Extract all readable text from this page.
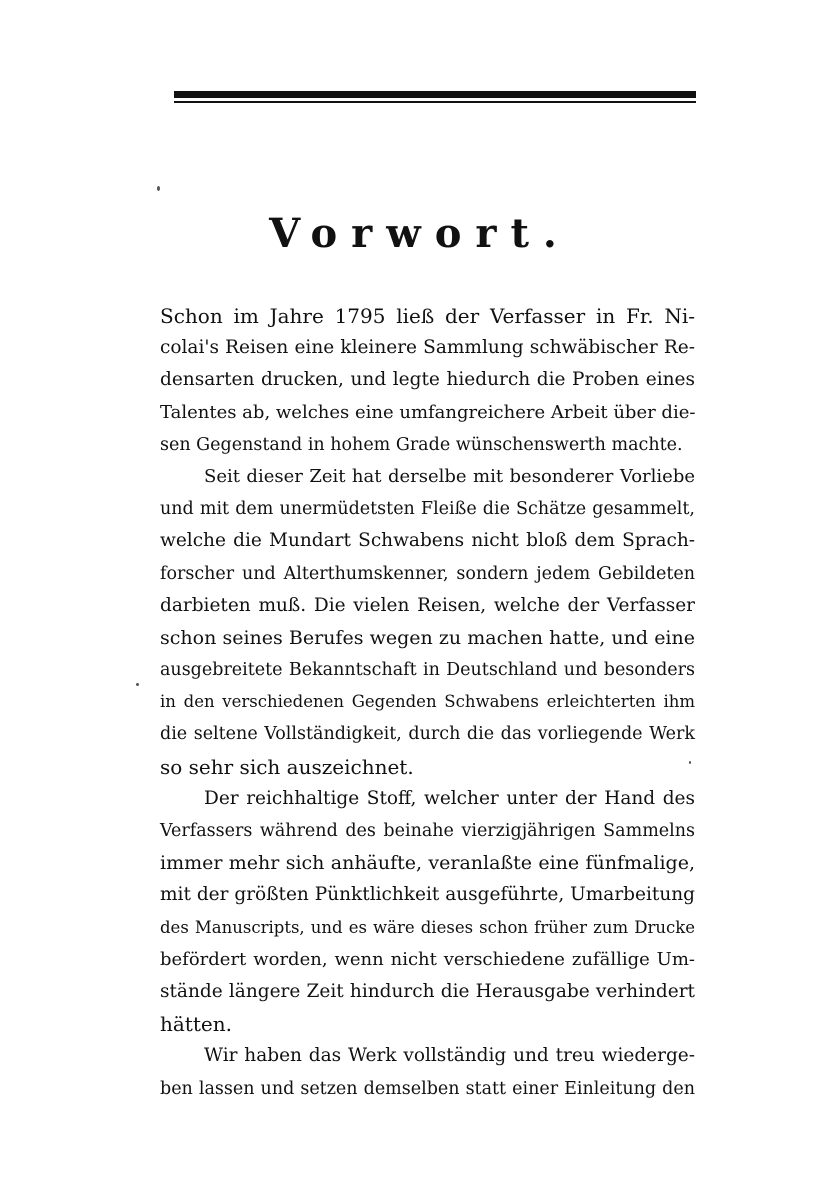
Vorwort.
Schon im Jahre 1795 ließ der Verfasser in Fr. Ni-
colai's Reisen eine kleinere Sammlung schwäbischer Re-
densarten drucken, und legte hiedurch die Proben eines
Talentes ab, welches eine umfangreichere Arbeit über die-
sen Gegenstand in hohem Grade wünschenswerth machte.
Seit dieser Zeit hat derselbe mit besonderer Vorliebe
und mit dem unermüdetsten Fleiße die Schätze gesammelt,
welche die Mundart Schwabens nicht bloß dem Sprach-
forscher und Alterthumskenner, sondern jedem Gebildeten
darbieten muß. Die vielen Reisen, welche der Verfasser
schon seines Berufes wegen zu machen hatte, und eine
ausgebreitete Bekanntschaft in Deutschland und besonders
in den verschiedenen Gegenden Schwabens erleichterten ihm
die seltene Vollständigkeit, durch die das vorliegende Werk
so sehr sich auszeichnet.
Der reichhaltige Stoff, welcher unter der Hand des
Verfassers während des beinahe vierzigjährigen Sammelns
immer mehr sich anhäufte, veranlaßte eine fünfmalige,
mit der größten Pünktlichkeit ausgeführte, Umarbeitung
des Manuscripts, und es wäre dieses schon früher zum Drucke
befördert worden, wenn nicht verschiedene zufällige Um-
stände längere Zeit hindurch die Herausgabe verhindert
hätten.
Wir haben das Werk vollständig und treu wiederge-
ben lassen und setzen demselben statt einer Einleitung den
